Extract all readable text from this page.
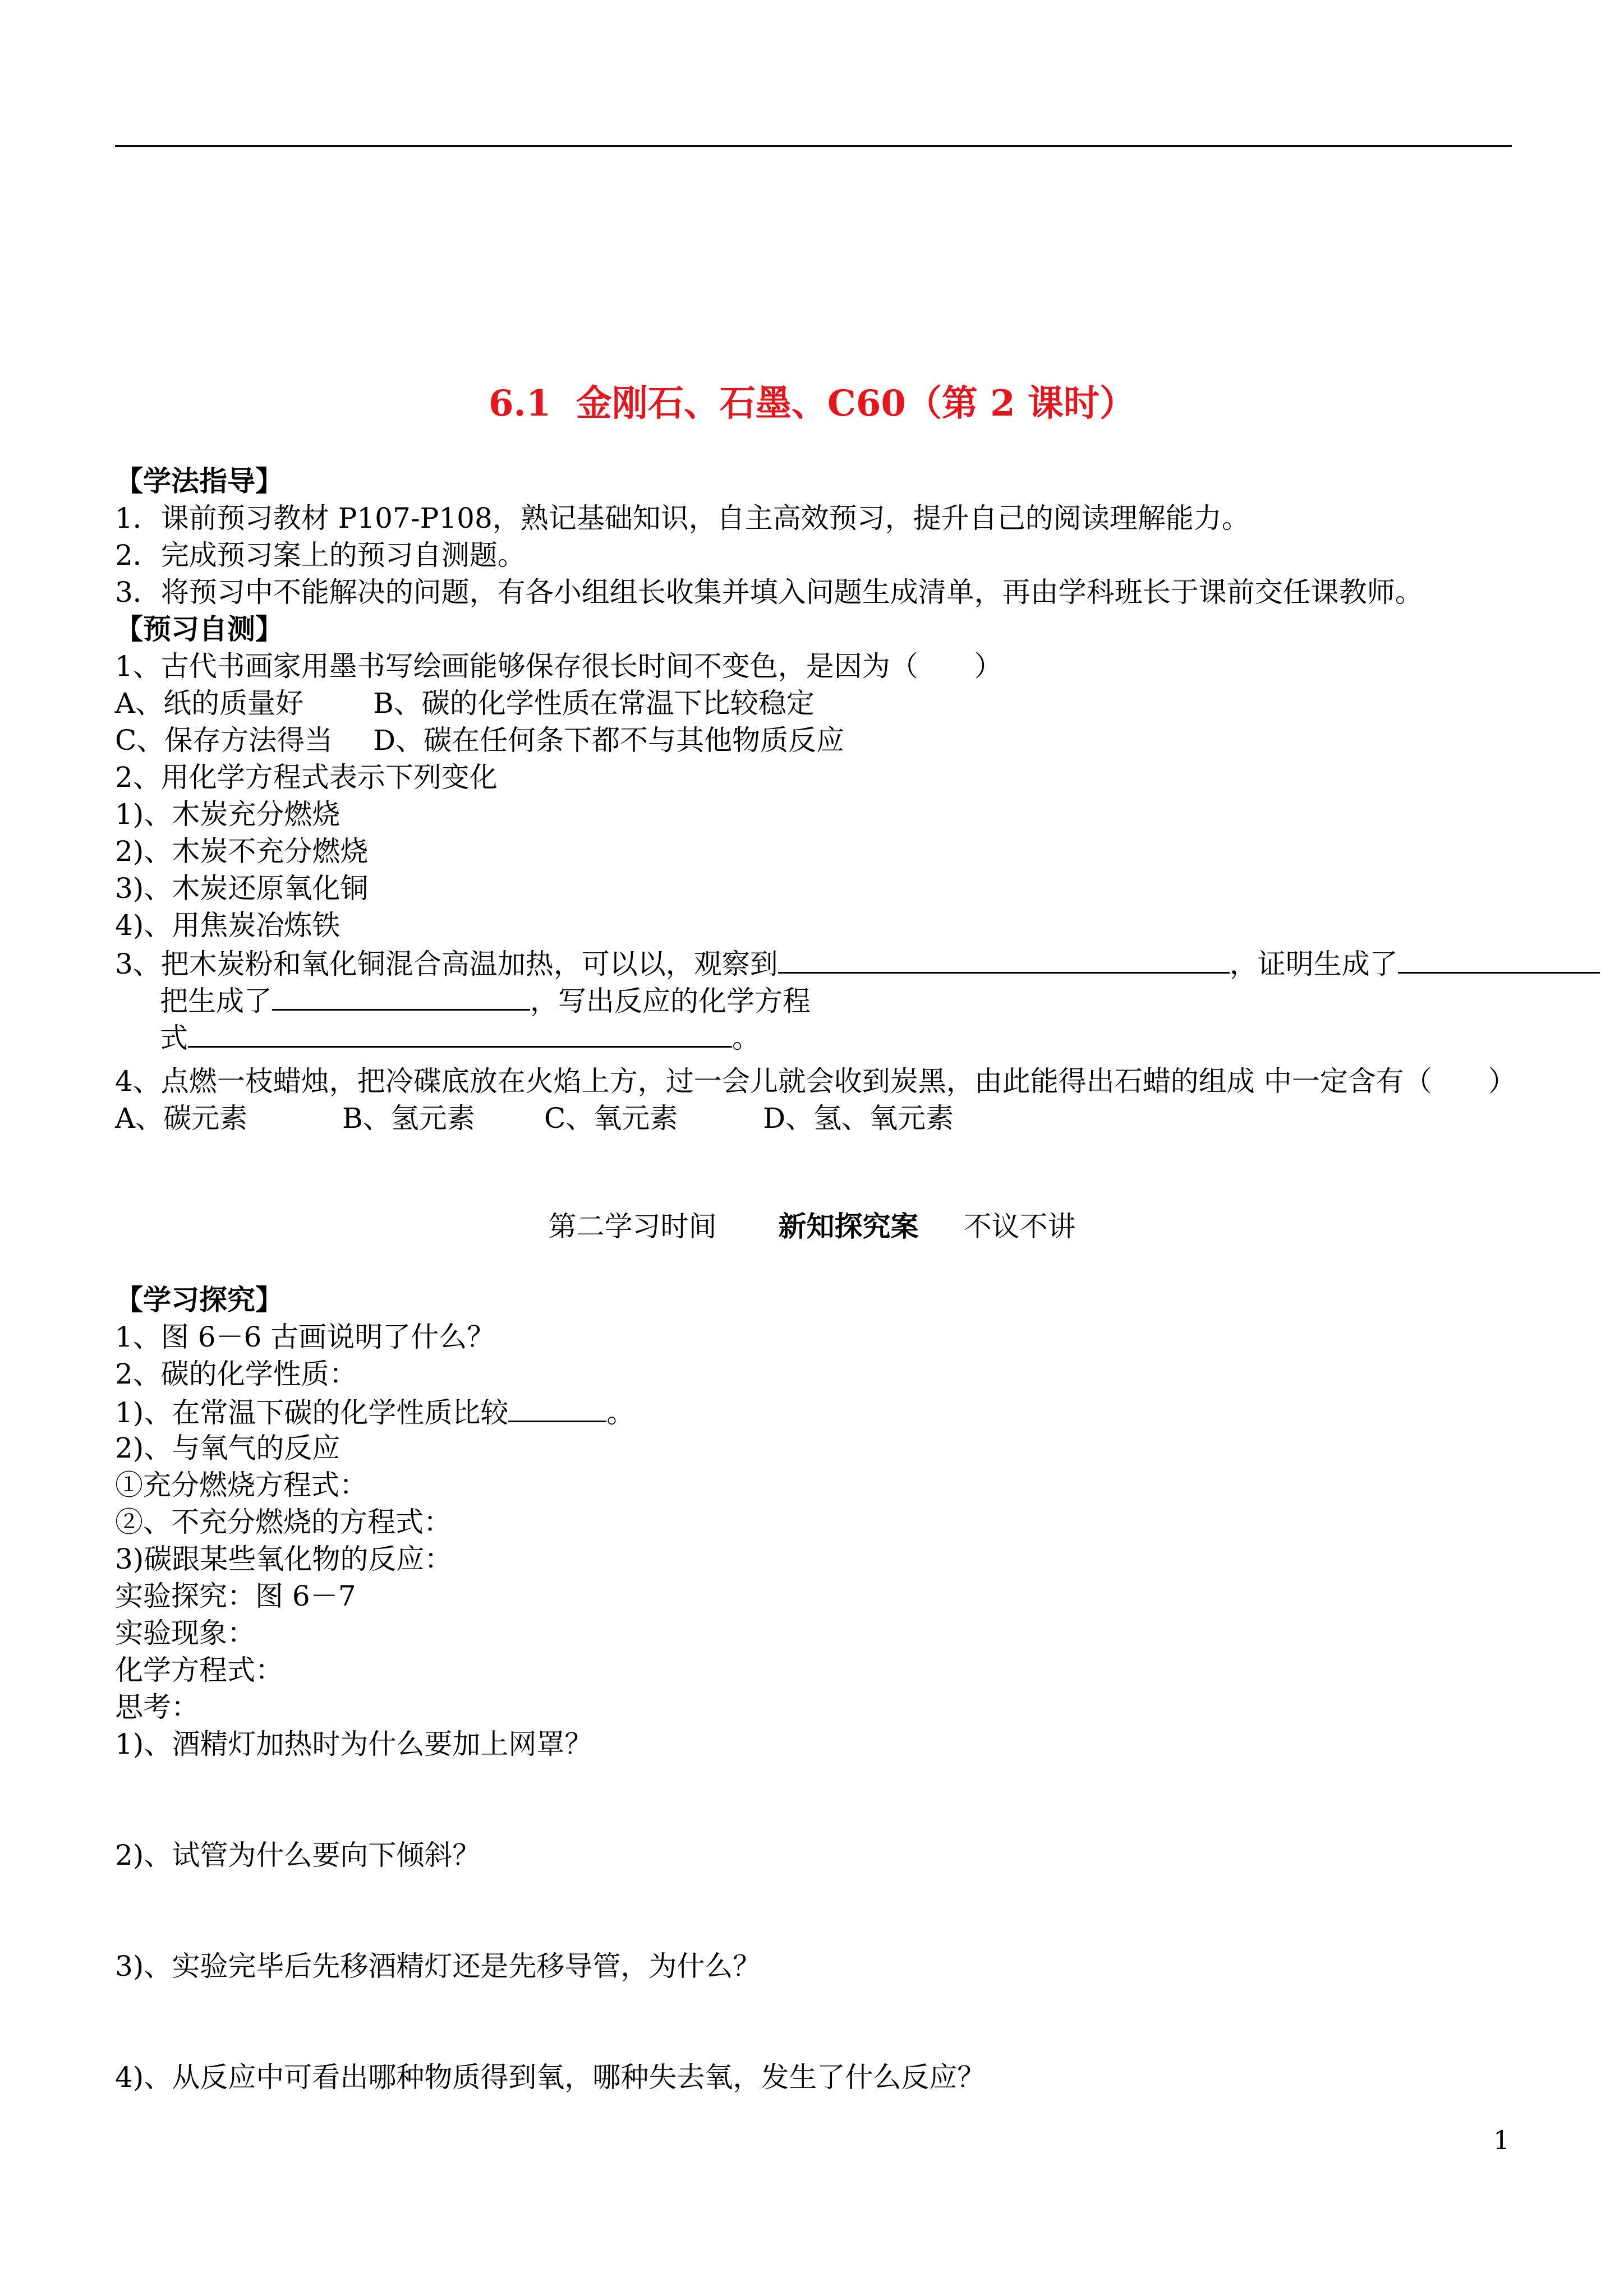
6.1  金刚石、石墨、C60（第 2 课时）
【学法指导】
1．课前预习教材 P107-P108，熟记基础知识，自主高效预习，提升自己的阅读理解能力。
2．完成预习案上的预习自测题。
3．将预习中不能解决的问题，有各小组组长收集并填入问题生成清单，再由学科班长于课前交任课教师。
【预习自测】
1、古代书画家用墨书写绘画能够保存很长时间不变色，是因为（　　）
A、纸的质量好 B、碳的化学性质在常温下比较稳定
C、保存方法得当 D、碳在任何条下都不与其他物质反应
2、用化学方程式表示下列变化
1)、木炭充分燃烧
2)、木炭不充分燃烧
3)、木炭还原氧化铜
4)、用焦炭冶炼铁
3、把木炭粉和氧化铜混合高温加热，可以以，观察到	，证明生成了
把生成了	，写出反应的化学方程
式	。
4、点燃一枝蜡烛，把冷碟底放在火焰上方，过一会儿就会收到炭黑，由此能得出石蜡的组成 中一定含有（　　）
A、碳元素	B、氢元素 C、氧元素	D、氢、氧元素
第二学习时间 新知探究案 不议不讲
【学习探究】
1、图 6－6 古画说明了什么？
2、碳的化学性质：
1)、在常温下碳的化学性质比较	。
2)、与氧气的反应
①充分燃烧方程式：
②、不充分燃烧的方程式：
3)碳跟某些氧化物的反应：
实验探究：图 6－7
实验现象：
化学方程式：
思考：
1)、酒精灯加热时为什么要加上网罩？
2)、试管为什么要向下倾斜？
3)、实验完毕后先移酒精灯还是先移导管，为什么？
4)、从反应中可看出哪种物质得到氧，哪种失去氧，发生了什么反应？
1
